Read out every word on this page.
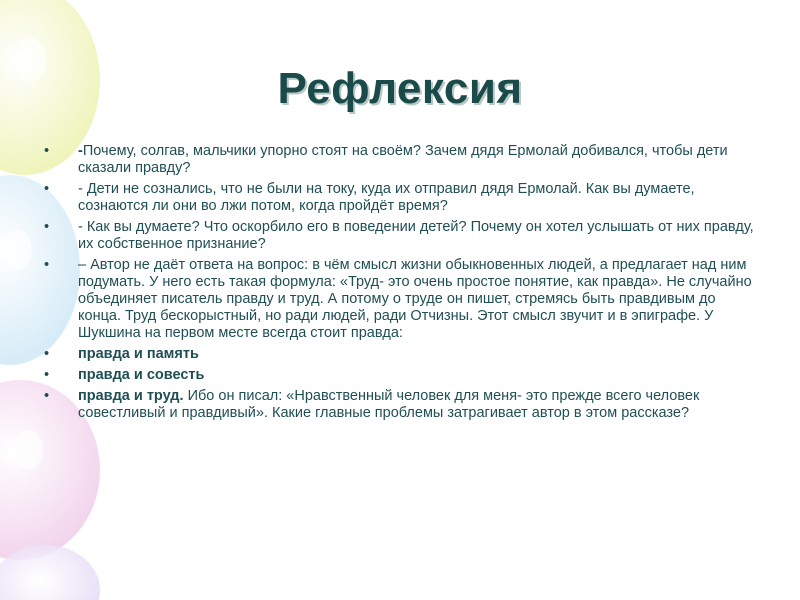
Рефлексия
• -Почему, солгав, мальчики упорно стоят на своём? Зачем дядя Ермолай добивался, чтобы дети сказали правду?
• - Дети не сознались, что не были на току, куда их отправил дядя Ермолай. Как вы думаете, сознаются ли они во лжи потом, когда пройдёт время?
• - Как вы думаете? Что оскорбило его в поведении детей? Почему он хотел услышать от них правду, их собственное признание?
• – Автор не даёт ответа на вопрос: в чём смысл жизни обыкновенных людей, а предлагает над ним подумать. У него есть такая формула: «Труд- это очень простое понятие, как правда». Не случайно объединяет писатель правду и труд. А потому о труде он пишет, стремясь быть правдивым до конца. Труд бескорыстный, но ради людей, ради Отчизны. Этот смысл звучит и в эпиграфе. У Шукшина на первом месте всегда стоит правда:
• правда и память
• правда и совесть
• правда и труд. Ибо он писал: «Нравственный человек для меня- это прежде всего человек совестливый и правдивый». Какие главные проблемы затрагивает автор в этом рассказе?
